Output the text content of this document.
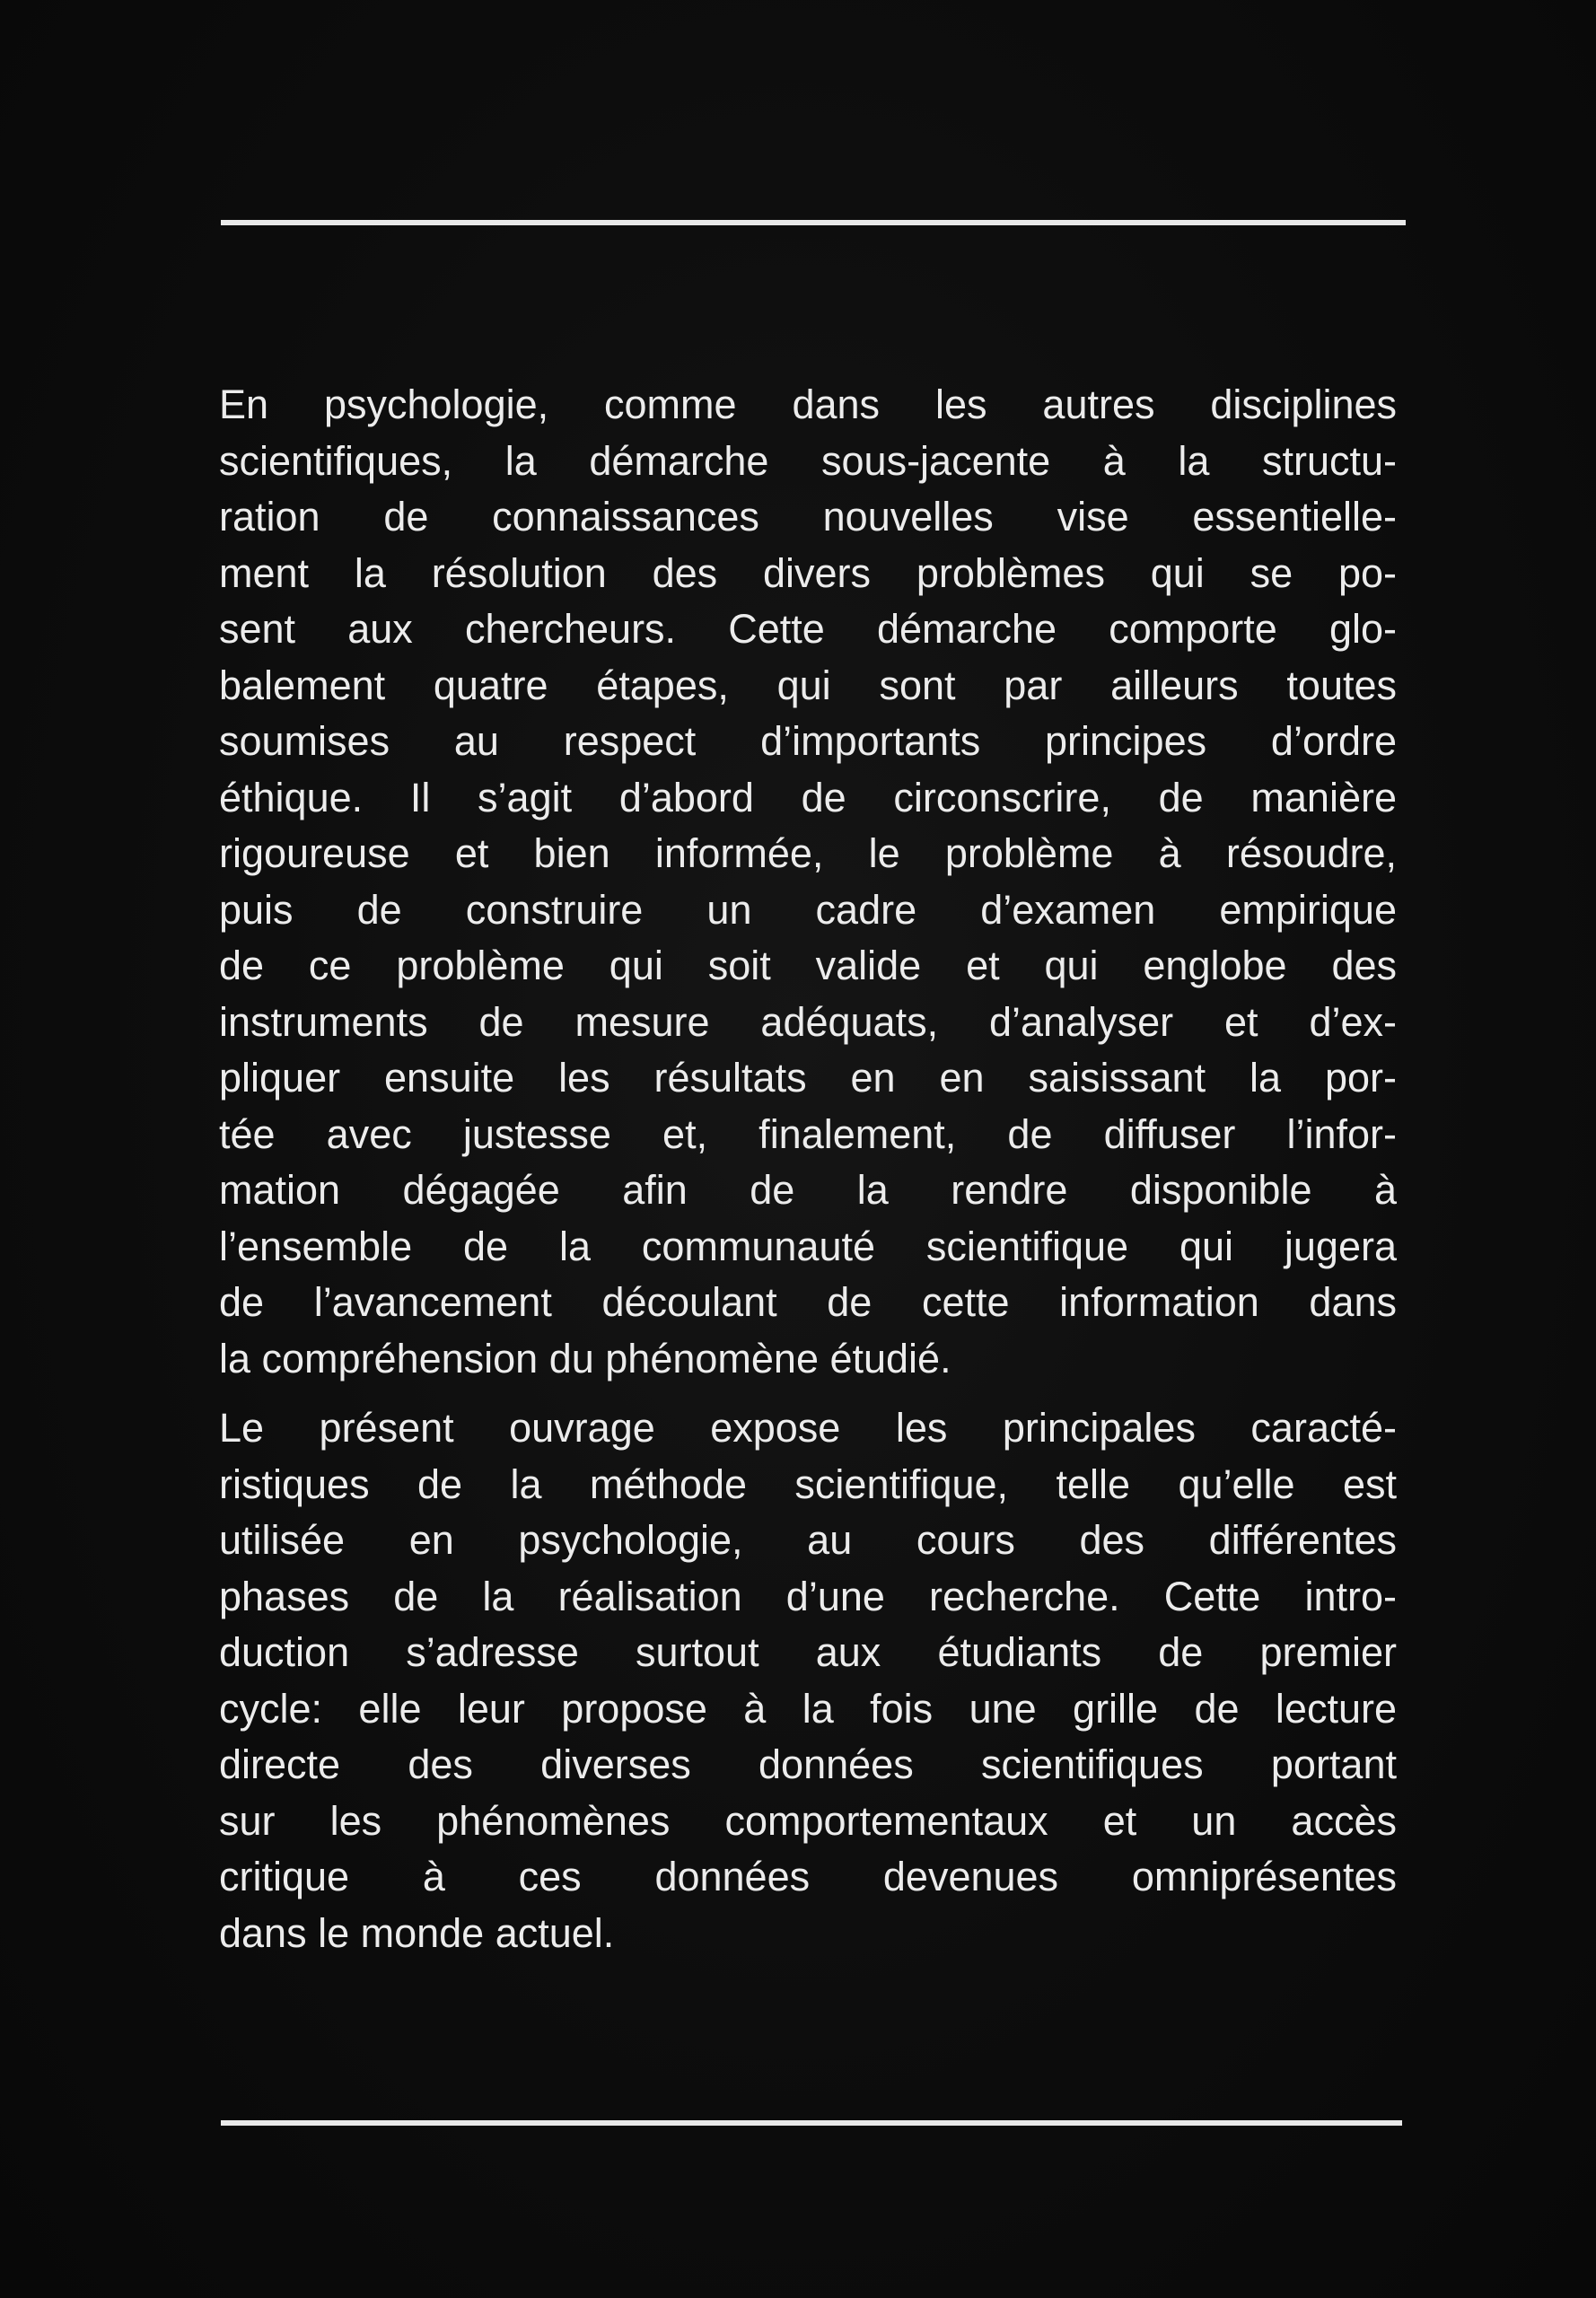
En psychologie, comme dans les autres disciplines
scientifiques, la démarche sous-jacente à la structu-
ration de connaissances nouvelles vise essentielle-
ment la résolution des divers problèmes qui se po-
sent aux chercheurs. Cette démarche comporte glo-
balement quatre étapes, qui sont par ailleurs toutes
soumises au respect d’importants principes d’ordre
éthique. Il s’agit d’abord de circonscrire, de manière
rigoureuse et bien informée, le problème à résoudre,
puis de construire un cadre d’examen empirique
de ce problème qui soit valide et qui englobe des
instruments de mesure adéquats, d’analyser et d’ex-
pliquer ensuite les résultats en en saisissant la por-
tée avec justesse et, finalement, de diffuser l’infor-
mation dégagée afin de la rendre disponible à
l’ensemble de la communauté scientifique qui jugera
de l’avancement découlant de cette information dans
la compréhension du phénomène étudié.

Le présent ouvrage expose les principales caracté-
ristiques de la méthode scientifique, telle qu’elle est
utilisée en psychologie, au cours des différentes
phases de la réalisation d’une recherche. Cette intro-
duction s’adresse surtout aux étudiants de premier
cycle: elle leur propose à la fois une grille de lecture
directe des diverses données scientifiques portant
sur les phénomènes comportementaux et un accès
critique à ces données devenues omniprésentes
dans le monde actuel.
